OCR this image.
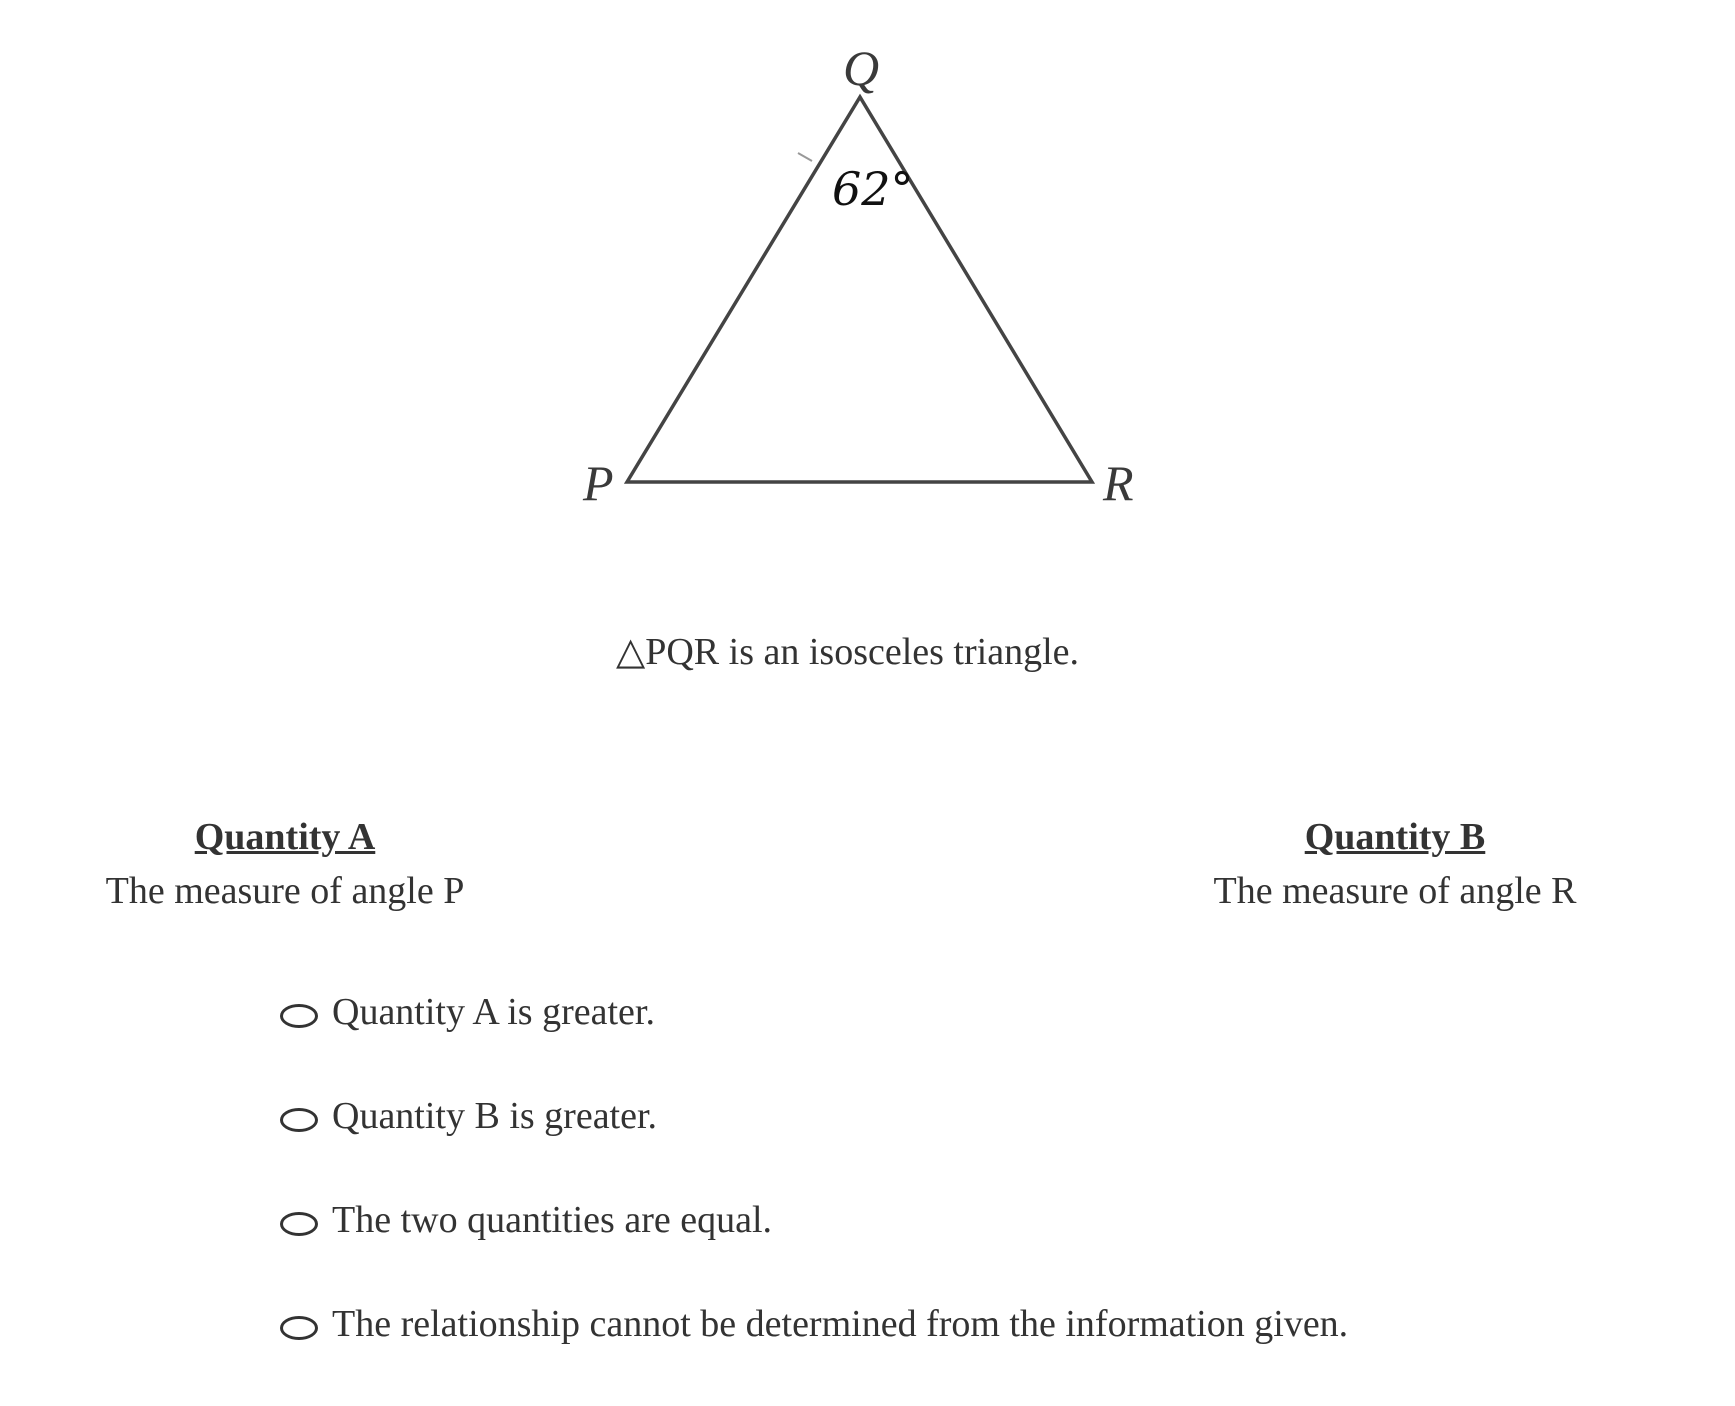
Q
P	R
62°
△PQR is an isosceles triangle.
Quantity A
The measure of angle P
Quantity B
The measure of angle R
Quantity A is greater.
Quantity B is greater.
The two quantities are equal.
The relationship cannot be determined from the information given.
